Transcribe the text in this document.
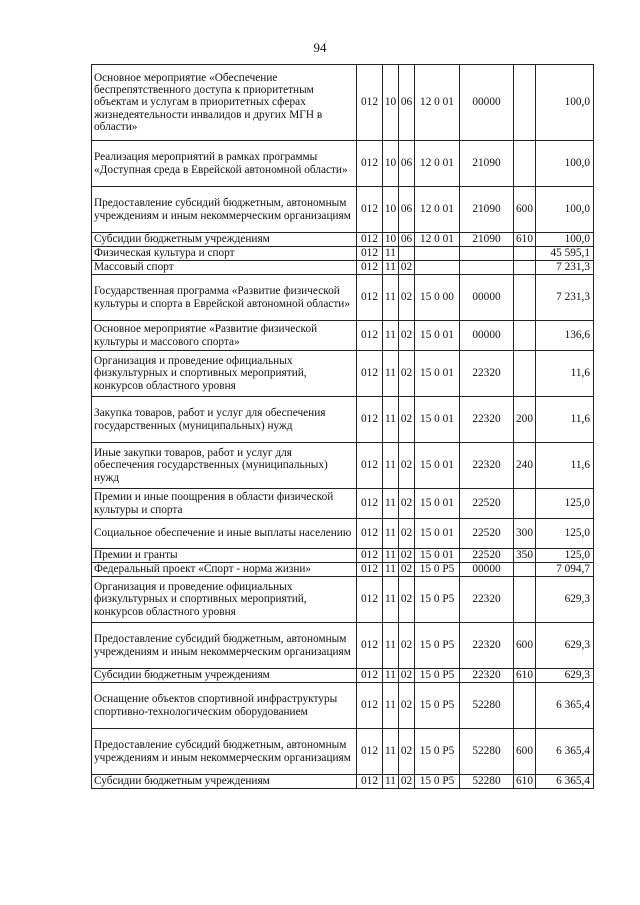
94
Основное мероприятие «Обеспечение беспрепятственного доступа к приоритетным объектам и услугам в приоритетных сферах жизнедеятельности инвалидов и других МГН в области»	012	10	06	12 0 01	00000		100,0
Реализация мероприятий в рамках программы «Доступная среда в Еврейской автономной области»	012	10	06	12 0 01	21090		100,0
Предоставление субсидий бюджетным, автономным учреждениям и иным некоммерческим организациям	012	10	06	12 0 01	21090	600	100,0
Субсидии бюджетным учреждениям	012	10	06	12 0 01	21090	610	100,0
Физическая культура и спорт	012	11					45 595,1
Массовый спорт	012	11	02				7 231,3
Государственная программа «Развитие физической культуры и спорта в Еврейской автономной области»	012	11	02	15 0 00	00000		7 231,3
Основное мероприятие «Развитие физической культуры и массового спорта»	012	11	02	15 0 01	00000		136,6
Организация и проведение официальных физкультурных и спортивных мероприятий, конкурсов областного уровня	012	11	02	15 0 01	22320		11,6
Закупка товаров, работ и услуг для обеспечения государственных (муниципальных) нужд	012	11	02	15 0 01	22320	200	11,6
Иные закупки товаров, работ и услуг для обеспечения государственных (муниципальных) нужд	012	11	02	15 0 01	22320	240	11,6
Премии и иные поощрения в области физической культуры и спорта	012	11	02	15 0 01	22520		125,0
Социальное обеспечение и иные выплаты населению	012	11	02	15 0 01	22520	300	125,0
Премии и гранты	012	11	02	15 0 01	22520	350	125,0
Федеральный проект «Спорт - норма жизни»	012	11	02	15 0 P5	00000		7 094,7
Организация и проведение официальных физкультурных и спортивных мероприятий, конкурсов областного уровня	012	11	02	15 0 P5	22320		629,3
Предоставление субсидий бюджетным, автономным учреждениям и иным некоммерческим организациям	012	11	02	15 0 P5	22320	600	629,3
Субсидии бюджетным учреждениям	012	11	02	15 0 P5	22320	610	629,3
Оснащение объектов спортивной инфраструктуры спортивно-технологическим оборудованием	012	11	02	15 0 P5	52280		6 365,4
Предоставление субсидий бюджетным, автономным учреждениям и иным некоммерческим организациям	012	11	02	15 0 P5	52280	600	6 365,4
Субсидии бюджетным учреждениям	012	11	02	15 0 P5	52280	610	6 365,4
